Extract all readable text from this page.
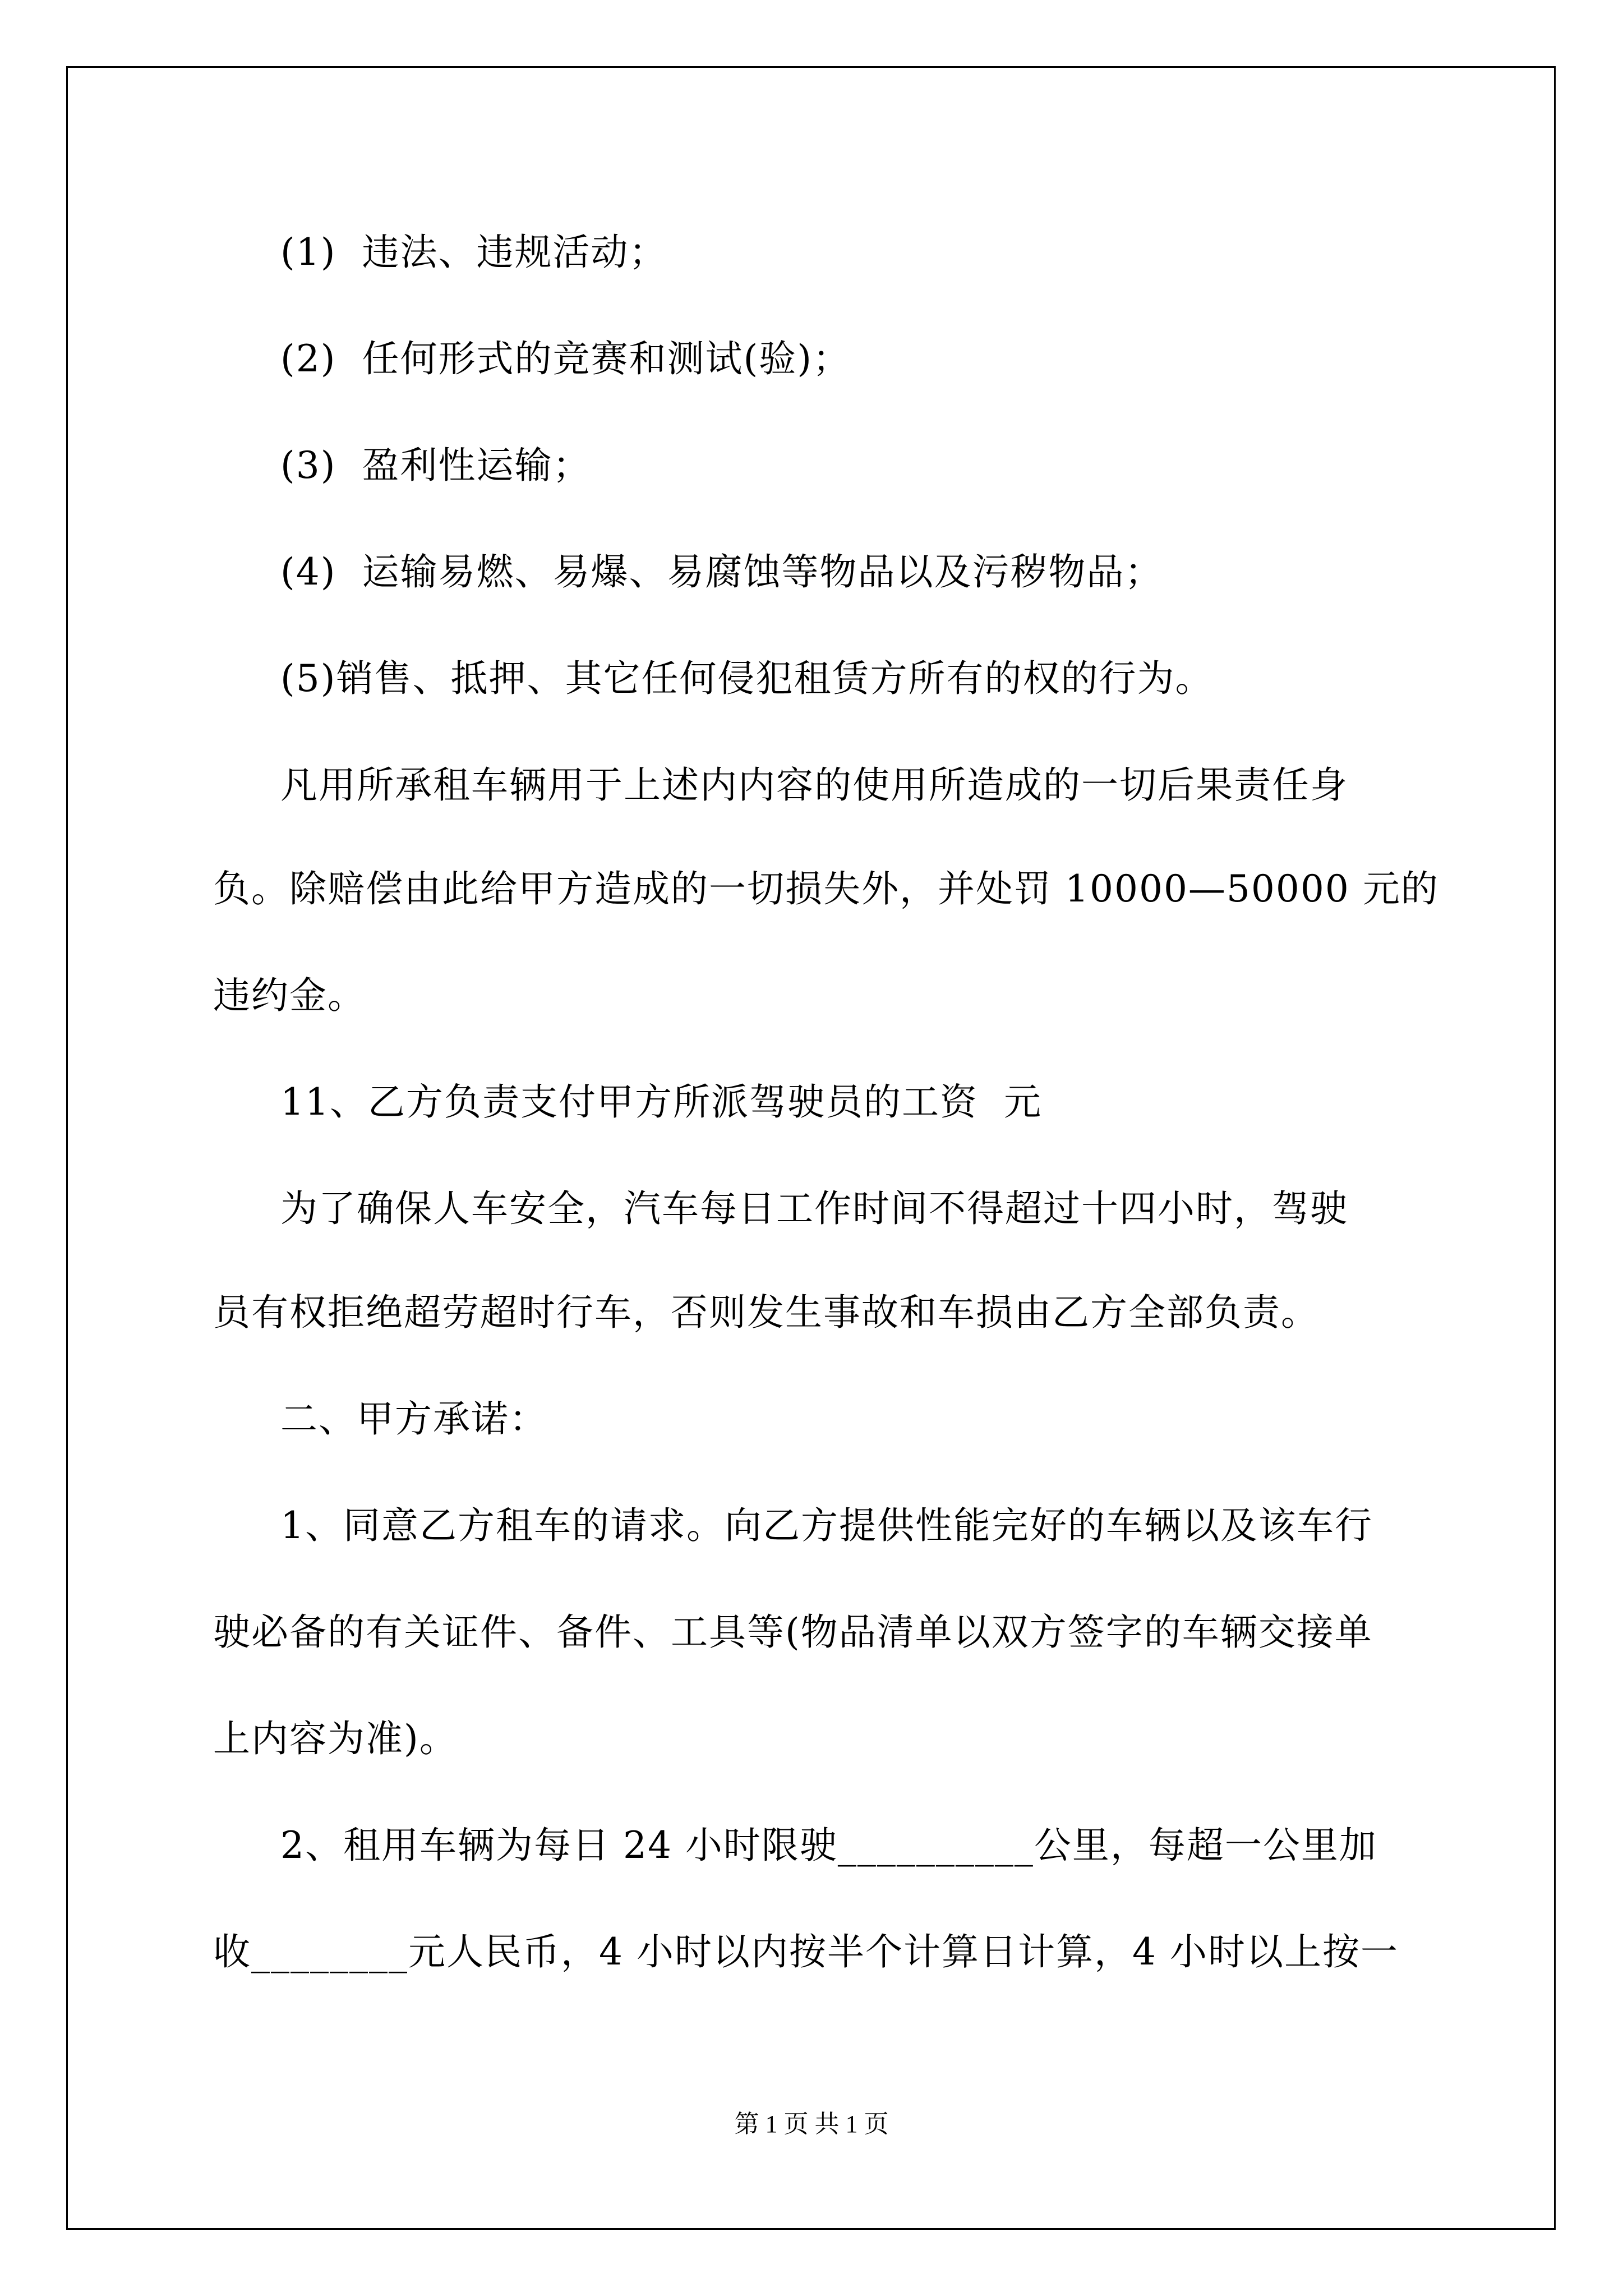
(1)  违法、违规活动；
(2)  任何形式的竞赛和测试(验)；
(3)  盈利性运输；
(4)  运输易燃、易爆、易腐蚀等物品以及污秽物品；
(5)销售、抵押、其它任何侵犯租赁方所有的权的行为。
凡用所承租车辆用于上述内内容的使用所造成的一切后果责任身
负。除赔偿由此给甲方造成的一切损失外，并处罚 10000—50000 元的
违约金。
11、乙方负责支付甲方所派驾驶员的工资  元
为了确保人车安全，汽车每日工作时间不得超过十四小时，驾驶
员有权拒绝超劳超时行车，否则发生事故和车损由乙方全部负责。
二、甲方承诺：
1、同意乙方租车的请求。向乙方提供性能完好的车辆以及该车行
驶必备的有关证件、备件、工具等(物品清单以双方签字的车辆交接单
上内容为准)。
2、租用车辆为每日 24 小时限驶__________公里，每超一公里加
收________元人民币，4 小时以内按半个计算日计算，4 小时以上按一
第 1 页 共 1 页
